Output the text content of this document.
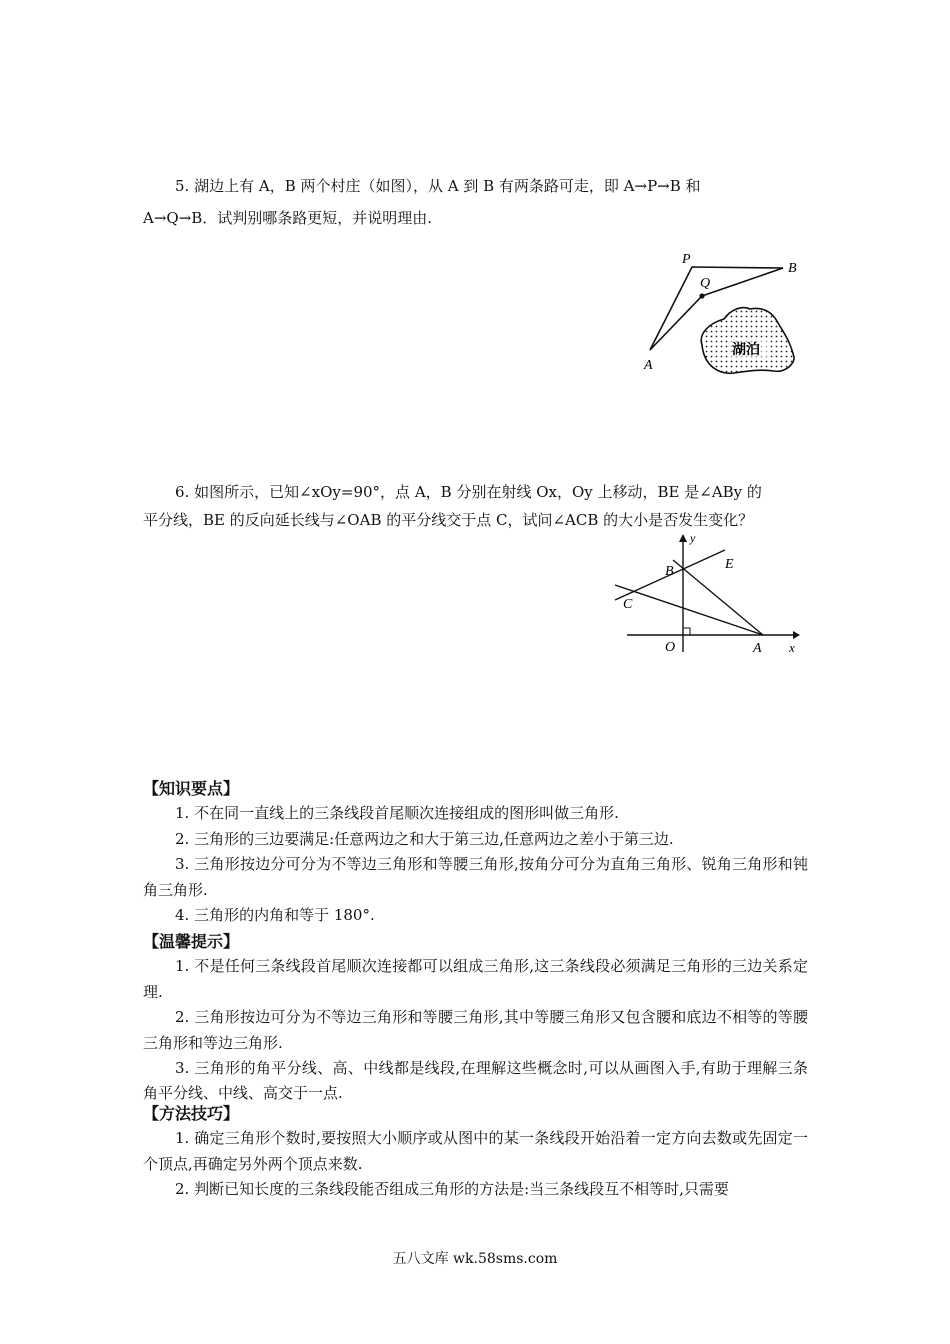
5. 湖边上有 A，B 两个村庄（如图），从 A 到 B 有两条路可走，即 A→P→B 和

A→Q→B．试判别哪条路更短，并说明理由.

P
Q
B
A
湖泊

6. 如图所示，已知∠xOy=90°，点 A，B 分别在射线 Ox，Oy 上移动，BE 是∠ABy 的

平分线，BE 的反向延长线与∠OAB 的平分线交于点 C，试问∠ACB 的大小是否发生变化？

y
E
B
C
O	A x
【知识要点】

1. 不在同一直线上的三条线段首尾顺次连接组成的图形叫做三角形.

2. 三角形的三边要满足:任意两边之和大于第三边,任意两边之差小于第三边.

3. 三角形按边分可分为不等边三角形和等腰三角形,按角分可分为直角三角形、锐角三角形和钝角三角形.

4. 三角形的内角和等于 180°.

【温馨提示】

1. 不是任何三条线段首尾顺次连接都可以组成三角形,这三条线段必须满足三角形的三边关系定理.

2. 三角形按边可分为不等边三角形和等腰三角形,其中等腰三角形又包含腰和底边不相等的等腰三角形和等边三角形.

3. 三角形的角平分线、高、中线都是线段,在理解这些概念时,可以从画图入手,有助于理解三条角平分线、中线、高交于一点.

【方法技巧】

1. 确定三角形个数时,要按照大小顺序或从图中的某一条线段开始沿着一定方向去数或先固定一个顶点,再确定另外两个顶点来数.

2. 判断已知长度的三条线段能否组成三角形的方法是:当三条线段互不相等时,只需要

五八文库 wk.58sms.com
